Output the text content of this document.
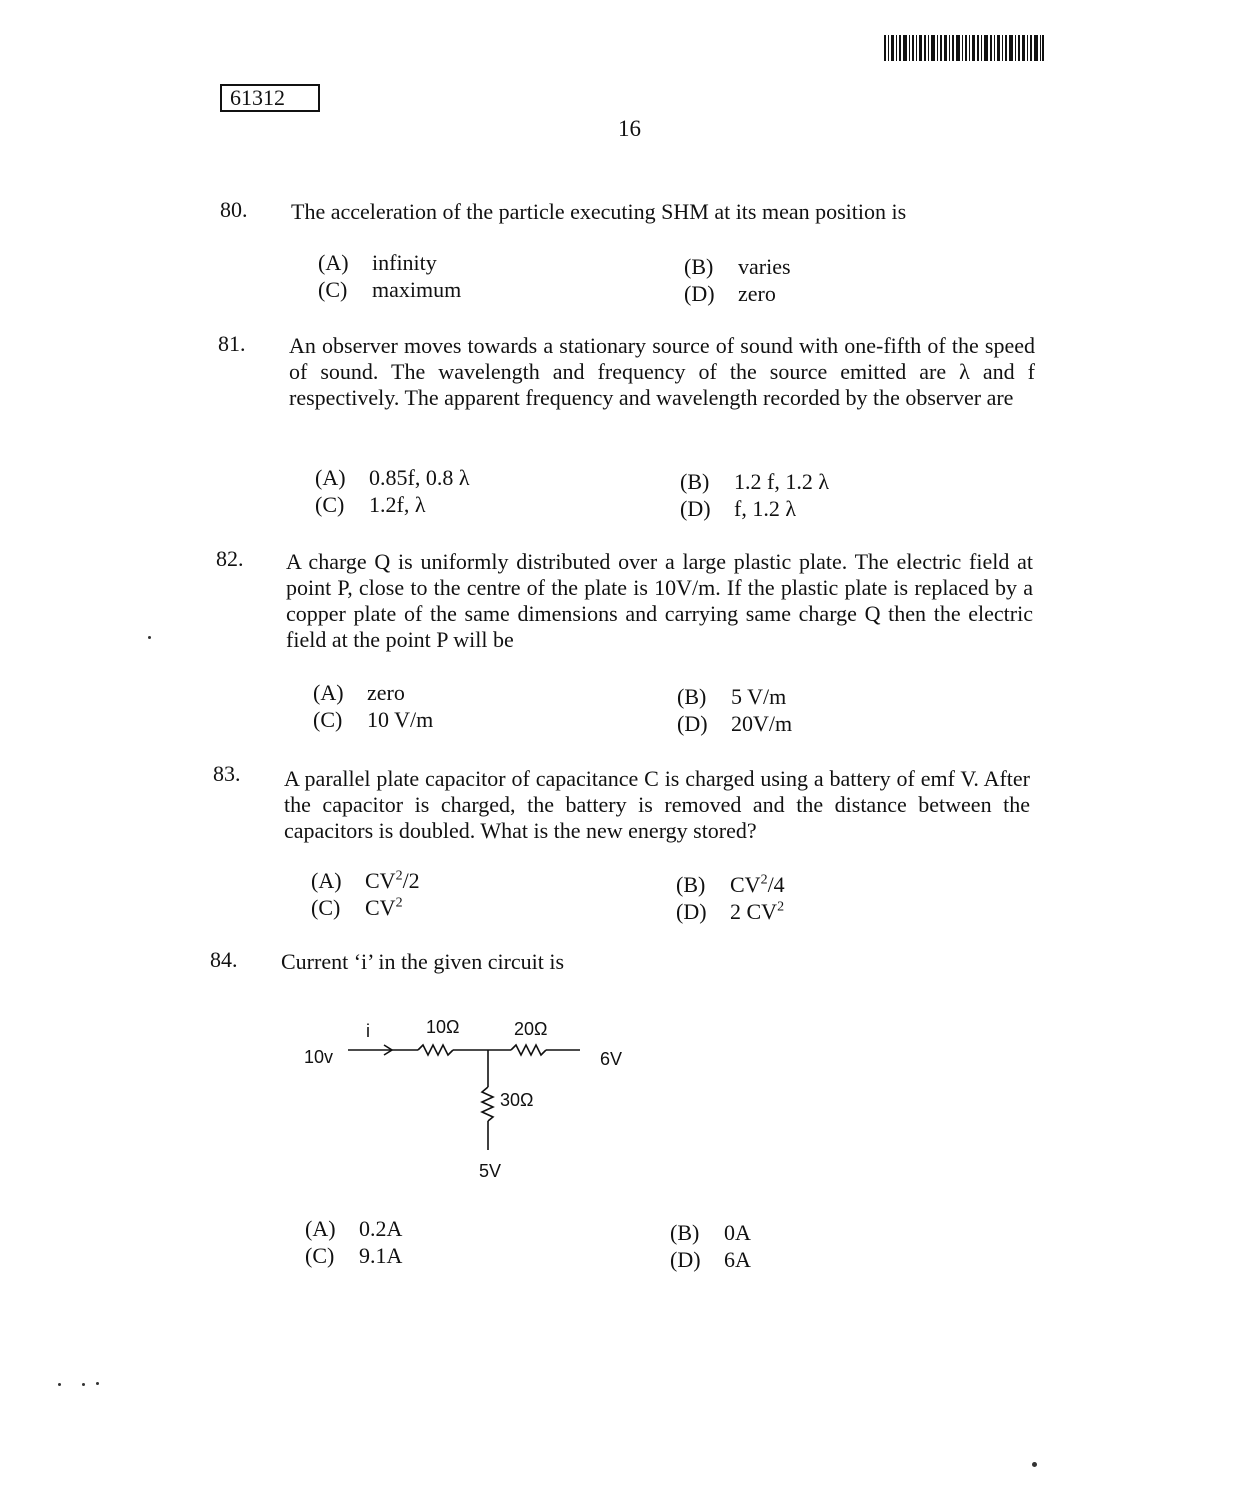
61312
16
80. The acceleration of the particle executing SHM at its mean position is
(A) infinity	(B) varies
(C) maximum	(D) zero
81. An observer moves towards a stationary source of sound with one-fifth of the speed of sound. The wavelength and frequency of the source emitted are λ and f respectively. The apparent frequency and wavelength recorded by the observer are
(A) 0.85f, 0.8 λ	(B) 1.2 f, 1.2 λ
(C) 1.2f, λ	(D) f, 1.2 λ
82. A charge Q is uniformly distributed over a large plastic plate. The electric field at point P, close to the centre of the plate is 10V/m. If the plastic plate is replaced by a copper plate of the same dimensions and carrying same charge Q then the electric field at the point P will be
(A) zero	(B) 5 V/m
(C) 10 V/m	(D) 20V/m
83. A parallel plate capacitor of capacitance C is charged using a battery of emf V. After the capacitor is charged, the battery is removed and the distance between the capacitors is doubled. What is the new energy stored?
(A) $CV^2/2$	(B) $CV^2/4$
(C) $CV^2$	(D) 2 $CV^2$
84. Current ‘i’ in the given circuit is
i	10Ω	20Ω
10v	6V
30Ω
5V
(A) 0.2A	(B) 0A
(C) 9.1A	(D) 6A
